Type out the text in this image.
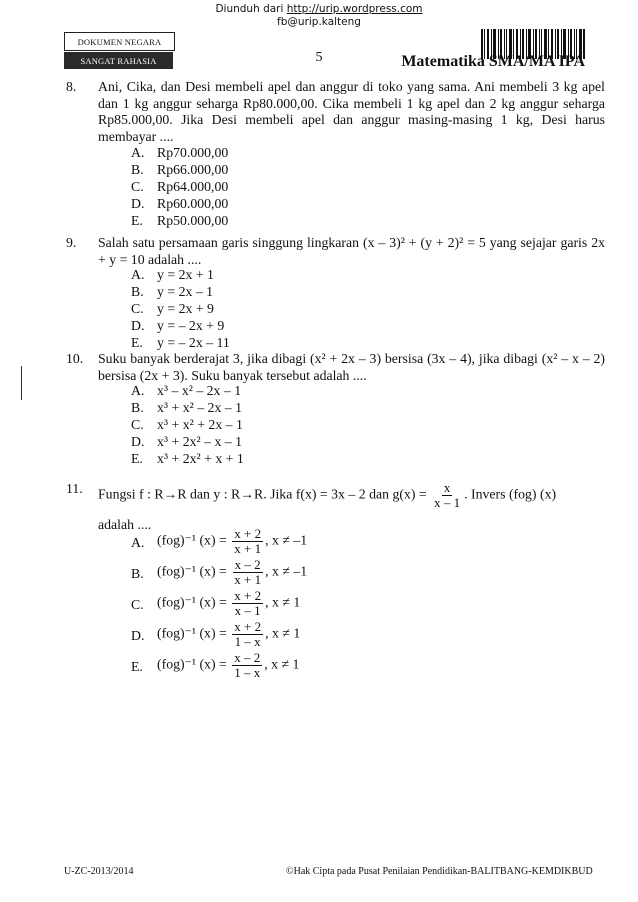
Diunduh dari http://urip.wordpress.com
fb@urip.kalteng
DOKUMEN NEGARA
SANGAT RAHASIA	5	Matematika SMA/MA IPA
8. Ani, Cika, dan Desi membeli apel dan anggur di toko yang sama. Ani membeli 3 kg apel dan 1 kg anggur seharga Rp80.000,00. Cika membeli 1 kg apel dan 2 kg anggur seharga Rp85.000,00. Jika Desi membeli apel dan anggur masing-masing 1 kg, Desi harus membayar ....
A. Rp70.000,00
B. Rp66.000,00
C. Rp64.000,00
D. Rp60.000,00
E. Rp50.000,00
9. Salah satu persamaan garis singgung lingkaran (x – 3)² + (y + 2)² = 5 yang sejajar garis 2x + y = 10 adalah ....
A. y = 2x + 1
B. y = 2x – 1
C. y = 2x + 9
D. y = – 2x + 9
E. y = – 2x – 11
10. Suku banyak berderajat 3, jika dibagi (x² + 2x – 3) bersisa (3x – 4), jika dibagi (x² – x – 2) bersisa (2x + 3). Suku banyak tersebut adalah ....
A. x³ – x² – 2x – 1
B. x³ + x² – 2x – 1
C. x³ + x² + 2x – 1
D. x³ + 2x² – x – 1
E. x³ + 2x² + x + 1
11. Fungsi f : R→R dan y : R→R. Jika f(x) = 3x – 2 dan $g(x) = \frac{x}{x - 1}$ . Invers (fog) (x)
adalah ....
A. (fog)⁻¹ $(x) = \frac{x + 2}{x + 1}$ , x ≠ –1
B. (fog)⁻¹ $(x) = \frac{x - 2}{x + 1}$ , x ≠ –1
C. (fog)⁻¹ $(x) = \frac{x + 2}{x - 1}$ , x ≠ 1
D. (fog)⁻¹ $(x) = \frac{x + 2}{1 - x}$ , x ≠ 1
E. (fog)⁻¹ $(x) = \frac{x - 2}{1 - x}$ , x ≠ 1
U-ZC-2013/2014	©Hak Cipta pada Pusat Penilaian Pendidikan-BALITBANG-KEMDIKBUD
